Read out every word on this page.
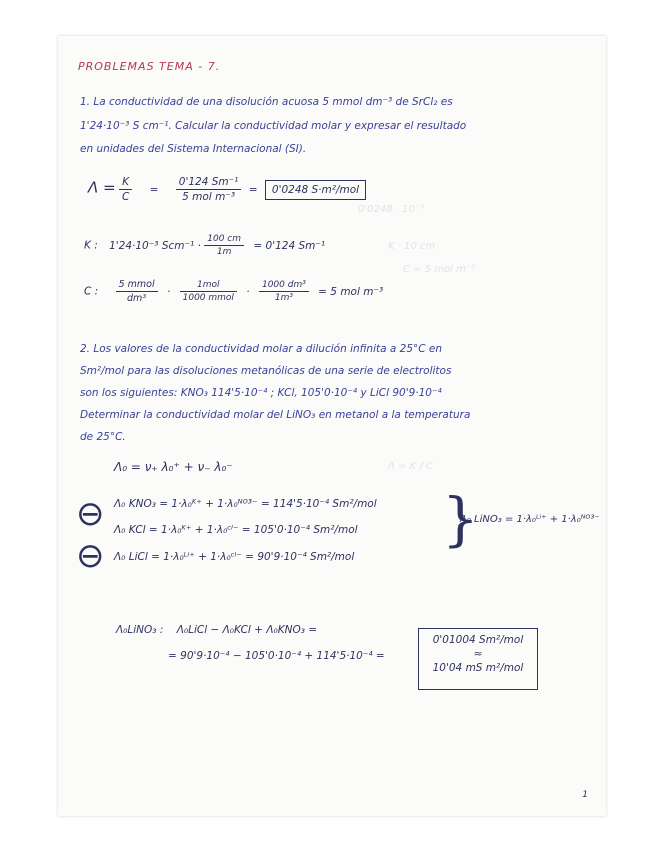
0'0248 · 10⁻³
K · 10 cm
C = 5 mol m⁻³
Λ = K / C
PROBLEMAS TEMA - 7.
1. La conductividad de una disolución acuosa 5 mmol dm⁻³ de SrCl₂ es
1'24·10⁻³ S cm⁻¹. Calcular la conductividad molar y expresar el resultado
en unidades del Sistema Internacional (SI).
$\Lambda = \frac{K}{C} = \frac{\text{0'124 Sm⁻¹}}{\text{5 mol m⁻³}} = 0'0248$ S·m²/mol
K : 1'24·10⁻³ $Scm^{-1} \cdot \frac{100 cm}{1m} = 0'124$ Sm⁻¹
C : $\frac{\text{5 mmol}}{\text{dm³}} \cdot \frac{\text{1mol}}{\text{1000 mmol}} \cdot \frac{\text{1000 dm³}}{\text{1m³}} = 5$ mol m⁻³
2. Los valores de la conductividad molar a dilución infinita a 25°C en
Sm²/mol para las disoluciones metanólicas de una serie de electrolitos
son los siguientes: KNO₃ 114'5·10⁻⁴ ; KCl, 105'0·10⁻⁴ y LiCl 90'9·10⁻⁴
Determinar la conductividad molar del LiNO₃ en metanol a la temperatura
de 25°C.
Λ₀ = ν₊ λ₀⁺ + ν₋ λ₀⁻
⊖
⊖
Λ₀ KNO₃ = 1·λ₀ᴷ⁺ + 1·λ₀ᴺᴼ³⁻ = 114'5·10⁻⁴ Sm²/mol
Λ₀ KCl = 1·λ₀ᴷ⁺ + 1·λ₀ᶜˡ⁻ = 105'0·10⁻⁴ Sm²/mol
Λ₀ LiCl = 1·λ₀ᴸⁱ⁺ + 1·λ₀ᶜˡ⁻ = 90'9·10⁻⁴ Sm²/mol
}
Λ₀ LiNO₃ = 1·λ₀ᴸⁱ⁺ + 1·λ₀ᴺᴼ³⁻
Λ₀LiNO₃ : Λ₀LiCl − Λ₀KCl + Λ₀KNO₃ =
= 90'9·10⁻⁴ − 105'0·10⁻⁴ + 114'5·10⁻⁴ =
0'01004 Sm²/mol
≈
10'04 mS m²/mol
1
